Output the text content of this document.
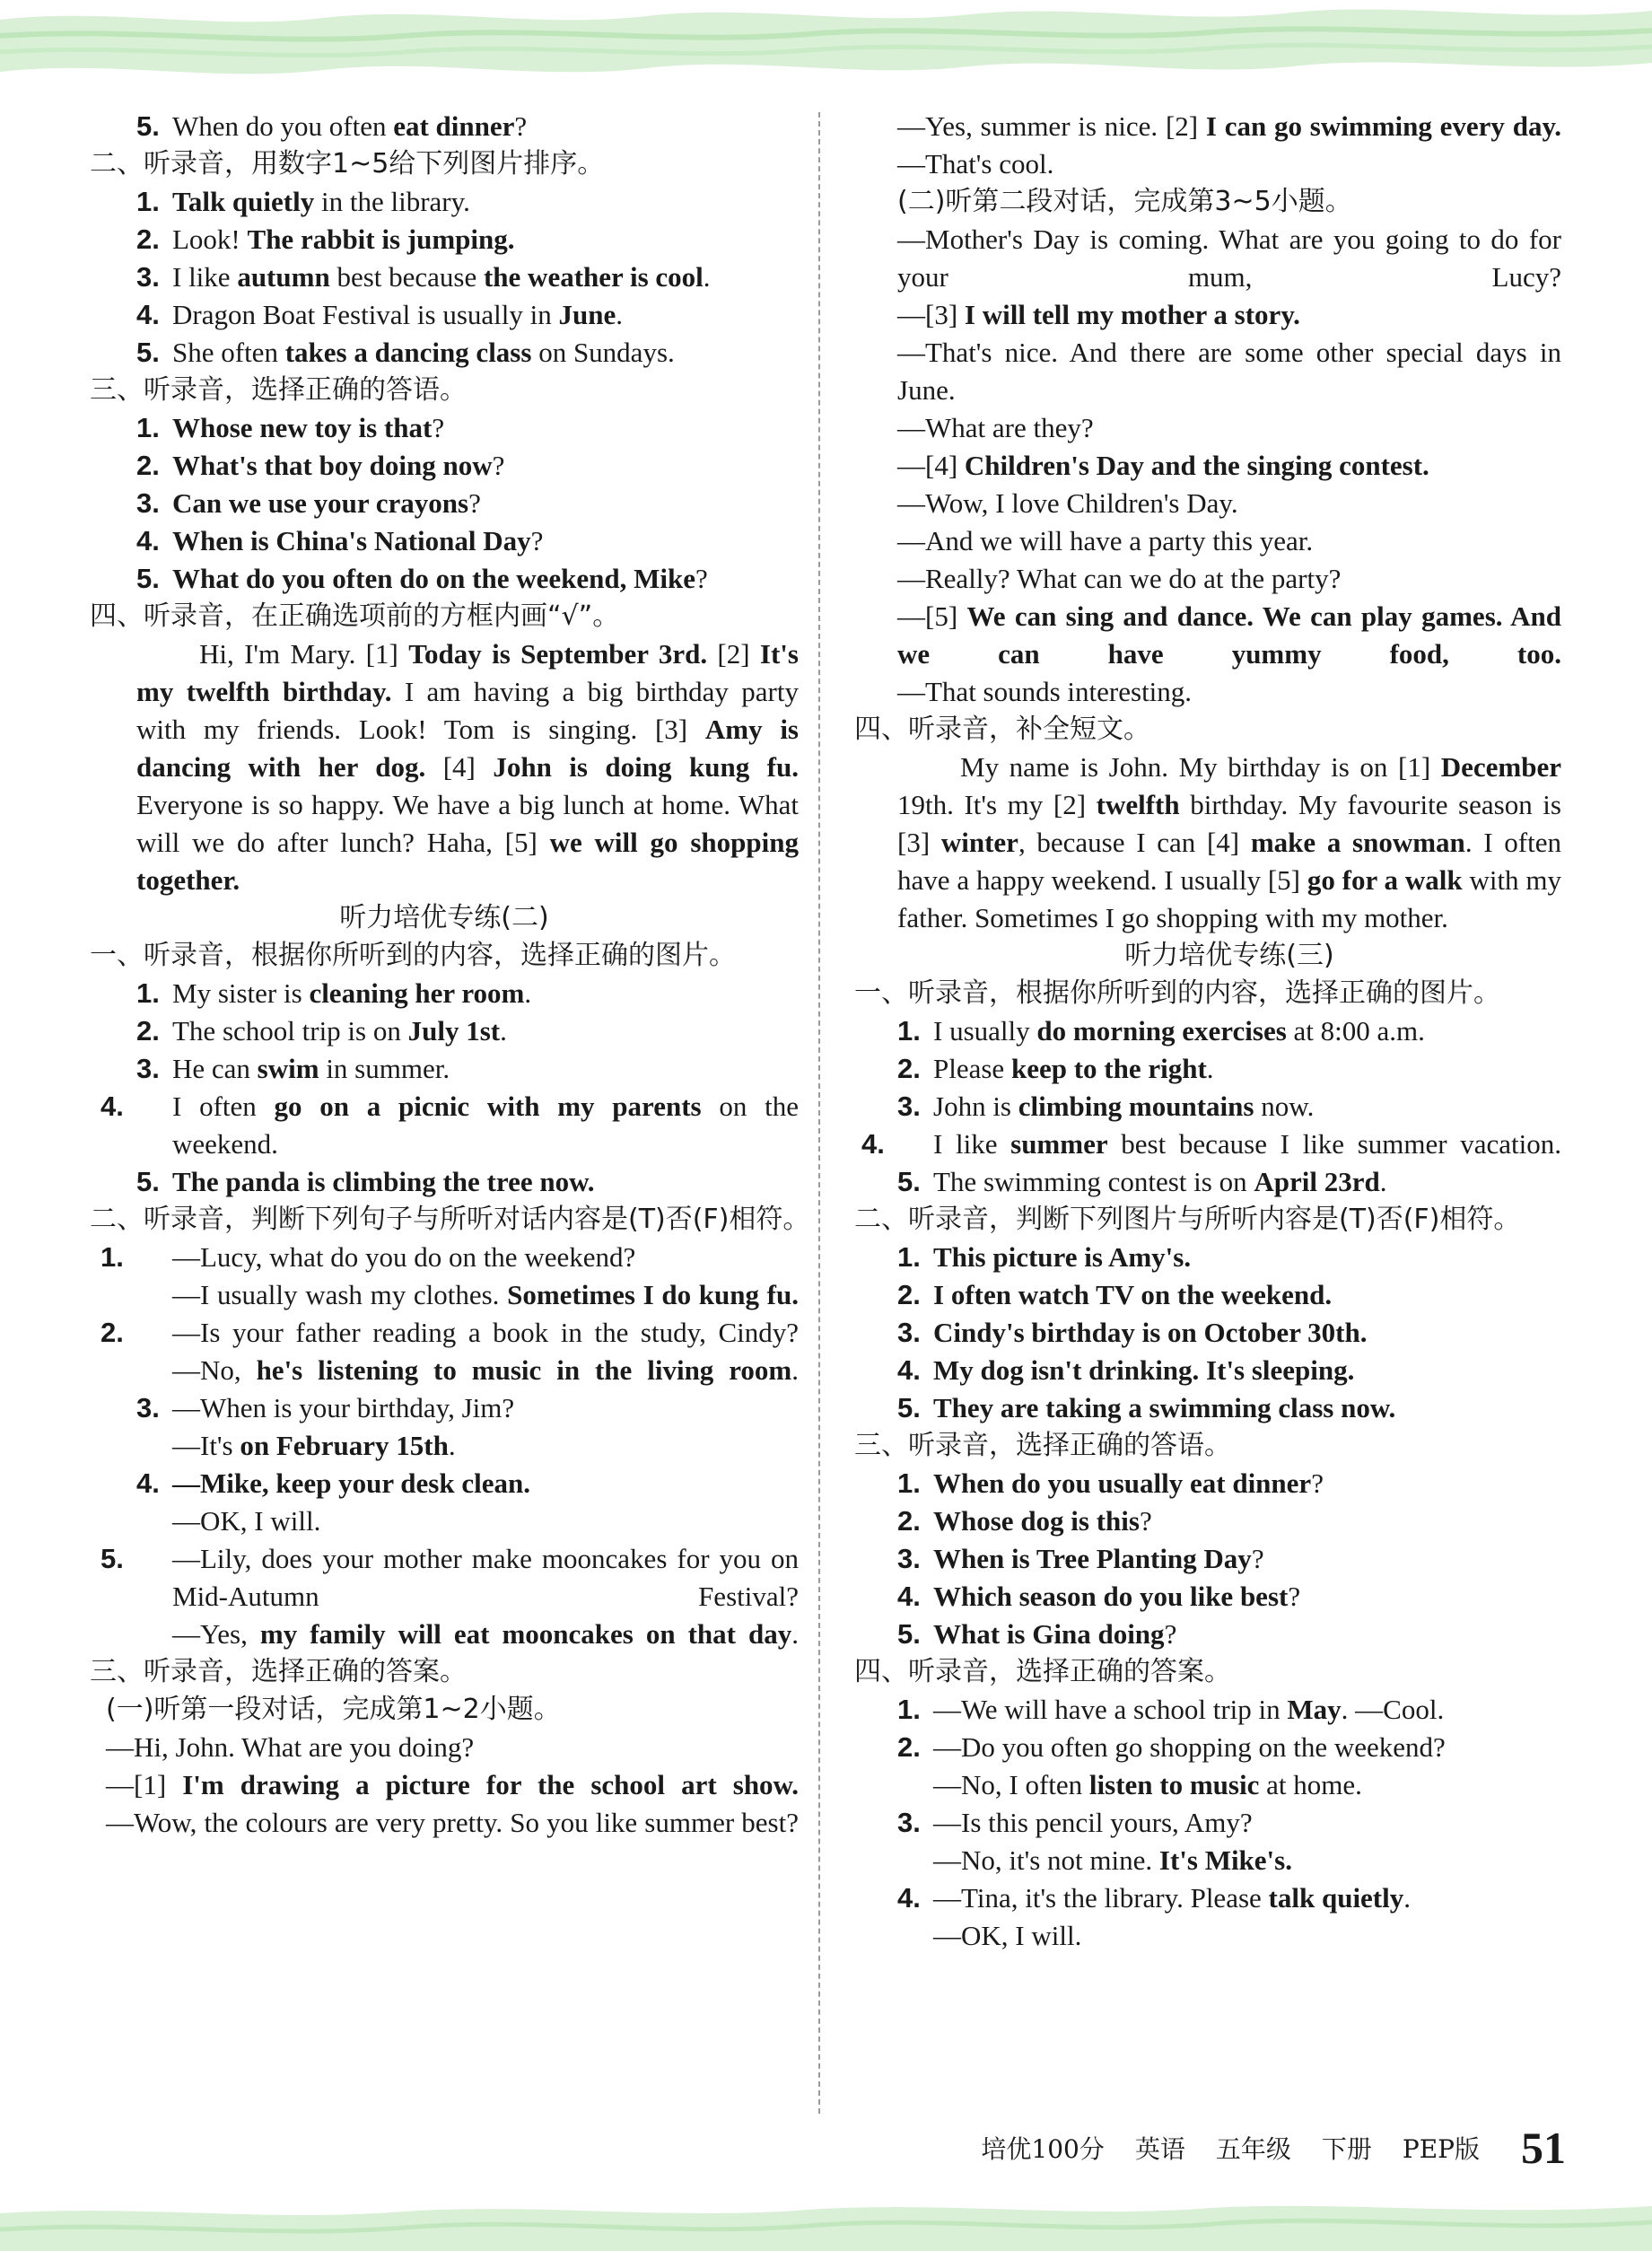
5. When do you often eat dinner?
二、听录音，用数字1~5给下列图片排序。
1. Talk quietly in the library.
2. Look! The rabbit is jumping.
3. I like autumn best because the weather is cool.
4. Dragon Boat Festival is usually in June.
5. She often takes a dancing class on Sundays.
三、听录音，选择正确的答语。
1. Whose new toy is that?
2. What's that boy doing now?
3. Can we use your crayons?
4. When is China's National Day?
5. What do you often do on the weekend, Mike?
四、听录音，在正确选项前的方框内画“√”。
Hi, I'm Mary. [1] Today is September 3rd. [2] It's my twelfth birthday. I am having a big birthday party with my friends. Look! Tom is singing. [3] Amy is dancing with her dog. [4] John is doing kung fu. Everyone is so happy. We have a big lunch at home. What will we do after lunch? Haha, [5] we will go shopping together.
听力培优专练(二)
一、听录音，根据你所听到的内容，选择正确的图片。
1. My sister is cleaning her room.
2. The school trip is on July 1st.
3. He can swim in summer.
4. I often go on a picnic with my parents on the weekend.
5. The panda is climbing the tree now.
二、听录音，判断下列句子与所听对话内容是(T)否(F)相符。
1. —Lucy, what do you do on the weekend?
—I usually wash my clothes. Sometimes I do kung fu.
2. —Is your father reading a book in the study, Cindy?
—No, he's listening to music in the living room.
3. —When is your birthday, Jim?
—It's on February 15th.
4. —Mike, keep your desk clean.
—OK, I will.
5. —Lily, does your mother make mooncakes for you on Mid-Autumn Festival?
—Yes, my family will eat mooncakes on that day.
三、听录音，选择正确的答案。
(一)听第一段对话，完成第1~2小题。
—Hi, John. What are you doing?
—[1] I'm drawing a picture for the school art show.
—Wow, the colours are very pretty. So you like summer best?
—Yes, summer is nice. [2] I can go swimming every day.
—That's cool.
(二)听第二段对话，完成第3~5小题。
—Mother's Day is coming. What are you going to do for your mum, Lucy?
—[3] I will tell my mother a story.
—That's nice. And there are some other special days in June.
—What are they?
—[4] Children's Day and the singing contest.
—Wow, I love Children's Day.
—And we will have a party this year.
—Really? What can we do at the party?
—[5] We can sing and dance. We can play games. And we can have yummy food, too.
—That sounds interesting.
四、听录音，补全短文。
My name is John. My birthday is on [1] December 19th. It's my [2] twelfth birthday. My favourite season is [3] winter, because I can [4] make a snowman. I often have a happy weekend. I usually [5] go for a walk with my father. Sometimes I go shopping with my mother.
听力培优专练(三)
一、听录音，根据你所听到的内容，选择正确的图片。
1. I usually do morning exercises at 8:00 a.m.
2. Please keep to the right.
3. John is climbing mountains now.
4. I like summer best because I like summer vacation.
5. The swimming contest is on April 23rd.
二、听录音，判断下列图片与所听内容是(T)否(F)相符。
1. This picture is Amy's.
2. I often watch TV on the weekend.
3. Cindy's birthday is on October 30th.
4. My dog isn't drinking. It's sleeping.
5. They are taking a swimming class now.
三、听录音，选择正确的答语。
1. When do you usually eat dinner?
2. Whose dog is this?
3. When is Tree Planting Day?
4. Which season do you like best?
5. What is Gina doing?
四、听录音，选择正确的答案。
1. —We will have a school trip in May. —Cool.
2. —Do you often go shopping on the weekend?
—No, I often listen to music at home.
3. —Is this pencil yours, Amy?
—No, it's not mine. It's Mike's.
4. —Tina, it's the library. Please talk quietly.
—OK, I will.
培优100分 英语 五年级 下册 PEP版 51
